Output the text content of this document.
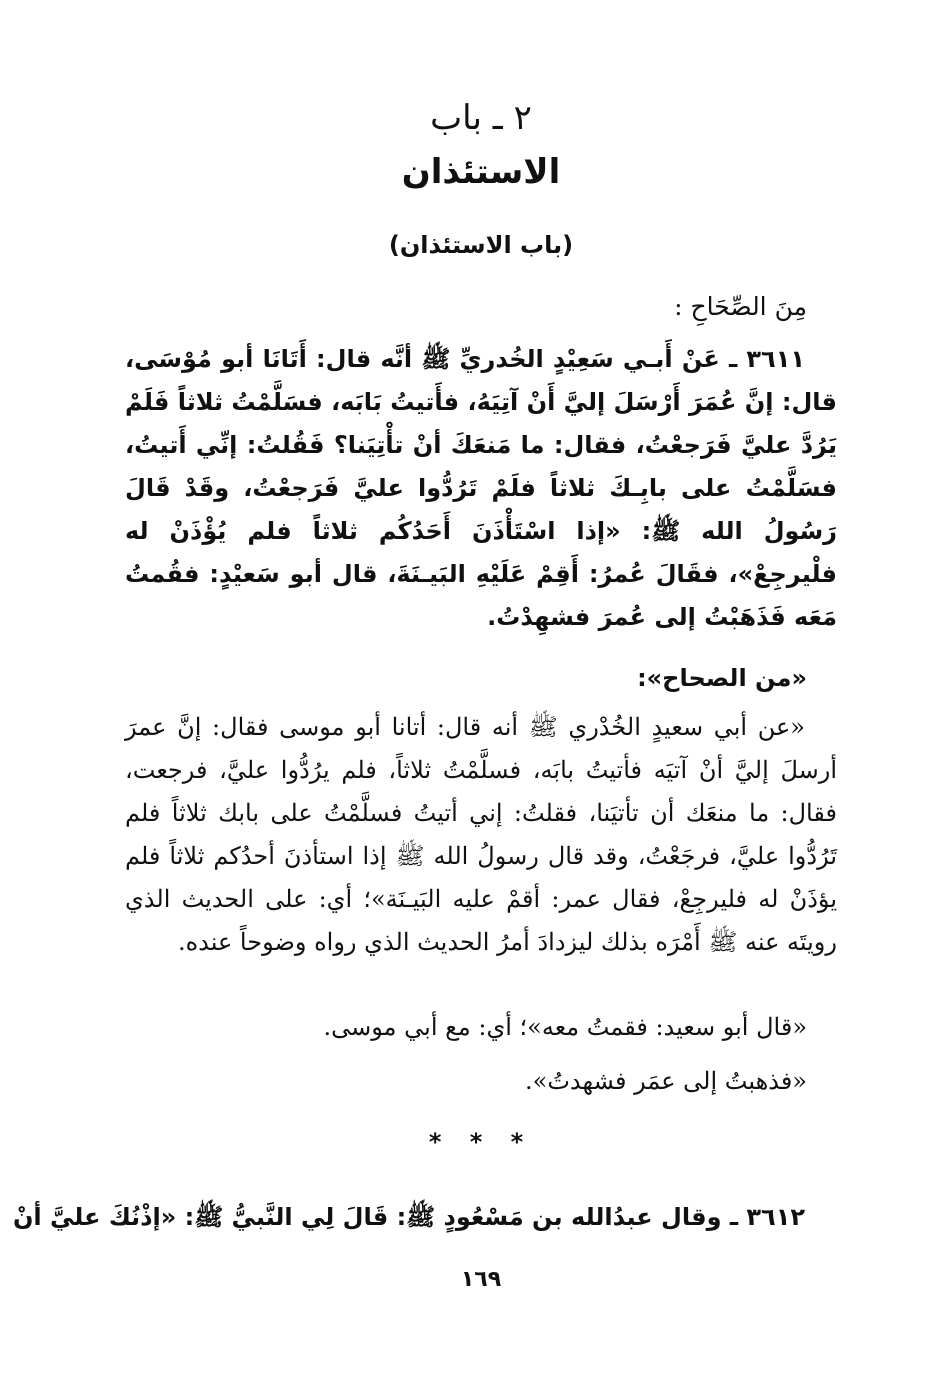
٢ ـ باب
الاستئذان
(باب الاستئذان)
مِنَ الصِّحَاحِ :

٣٦١١ ـ عَنْ أَبـي سَعِيْدٍ الخُدريِّ ﷺ أنَّه قال: أَتَانَا أبو مُوْسَى، قال: إنَّ عُمَرَ أَرْسَلَ إليَّ أَنْ آتِيَهُ، فأَتيتُ بَابَه، فسَلَّمْتُ ثلاثاً فَلَمْ يَرُدَّ عليَّ فَرَجعْتُ، فقال: ما مَنعَكَ أنْ تأْتِيَنا؟ فَقُلتُ: إنِّي أَتيتُ، فسَلَّمْتُ على بابِـكَ ثلاثاً فلَمْ تَرُدُّوا عليَّ فَرَجعْتُ، وقَدْ قَالَ رَسُولُ الله ﷺ: «إذا اسْتَأْذَنَ أَحَدُكُم ثلاثاً فلم يُؤْذَنْ له فلْيرجِعْ»، فقَالَ عُمرُ: أَقِمْ عَلَيْهِ البَيـنَةَ، قال أبو سَعيْدٍ: فقُمتُ مَعَه فَذَهَبْتُ إلى عُمرَ فشهِدْتُ.

«من الصحاح»:

«عن أبي سعيدٍ الخُدْري ﷺ أنه قال: أتانا أبو موسى فقال: إنَّ عمرَ أرسلَ إليَّ أنْ آتيَه فأتيتُ بابَه، فسلَّمْتُ ثلاثاً، فلم يرُدُّوا عليَّ، فرجعت، فقال: ما منعَك أن تأتيَنا، فقلتُ: إني أتيتُ فسلَّمْتُ على بابك ثلاثاً فلم تَرُدُّوا عليَّ، فرجَعْتُ، وقد قال رسولُ الله ﷺ إذا استأذنَ أحدُكم ثلاثاً فلم يؤذَنْ له فليرجِعْ، فقال عمر: أقمْ عليه البَيـنَة»؛ أي: على الحديث الذي رويتَه عنه ﷺ أَمْرَه بذلك ليزدادَ أمرُ الحديث الذي رواه وضوحاً عنده.

«قال أبو سعيد: فقمتُ معه»؛ أي: مع أبي موسى.
«فذهبتُ إلى عمَر فشهدتُ».
* * *
٣٦١٢ ـ وقال عبدُالله بن مَسْعُودٍ ﷺ: قَالَ لِي النَّبيُّ ﷺ: «إذْنُكَ عليَّ أنْ
١٦٩
